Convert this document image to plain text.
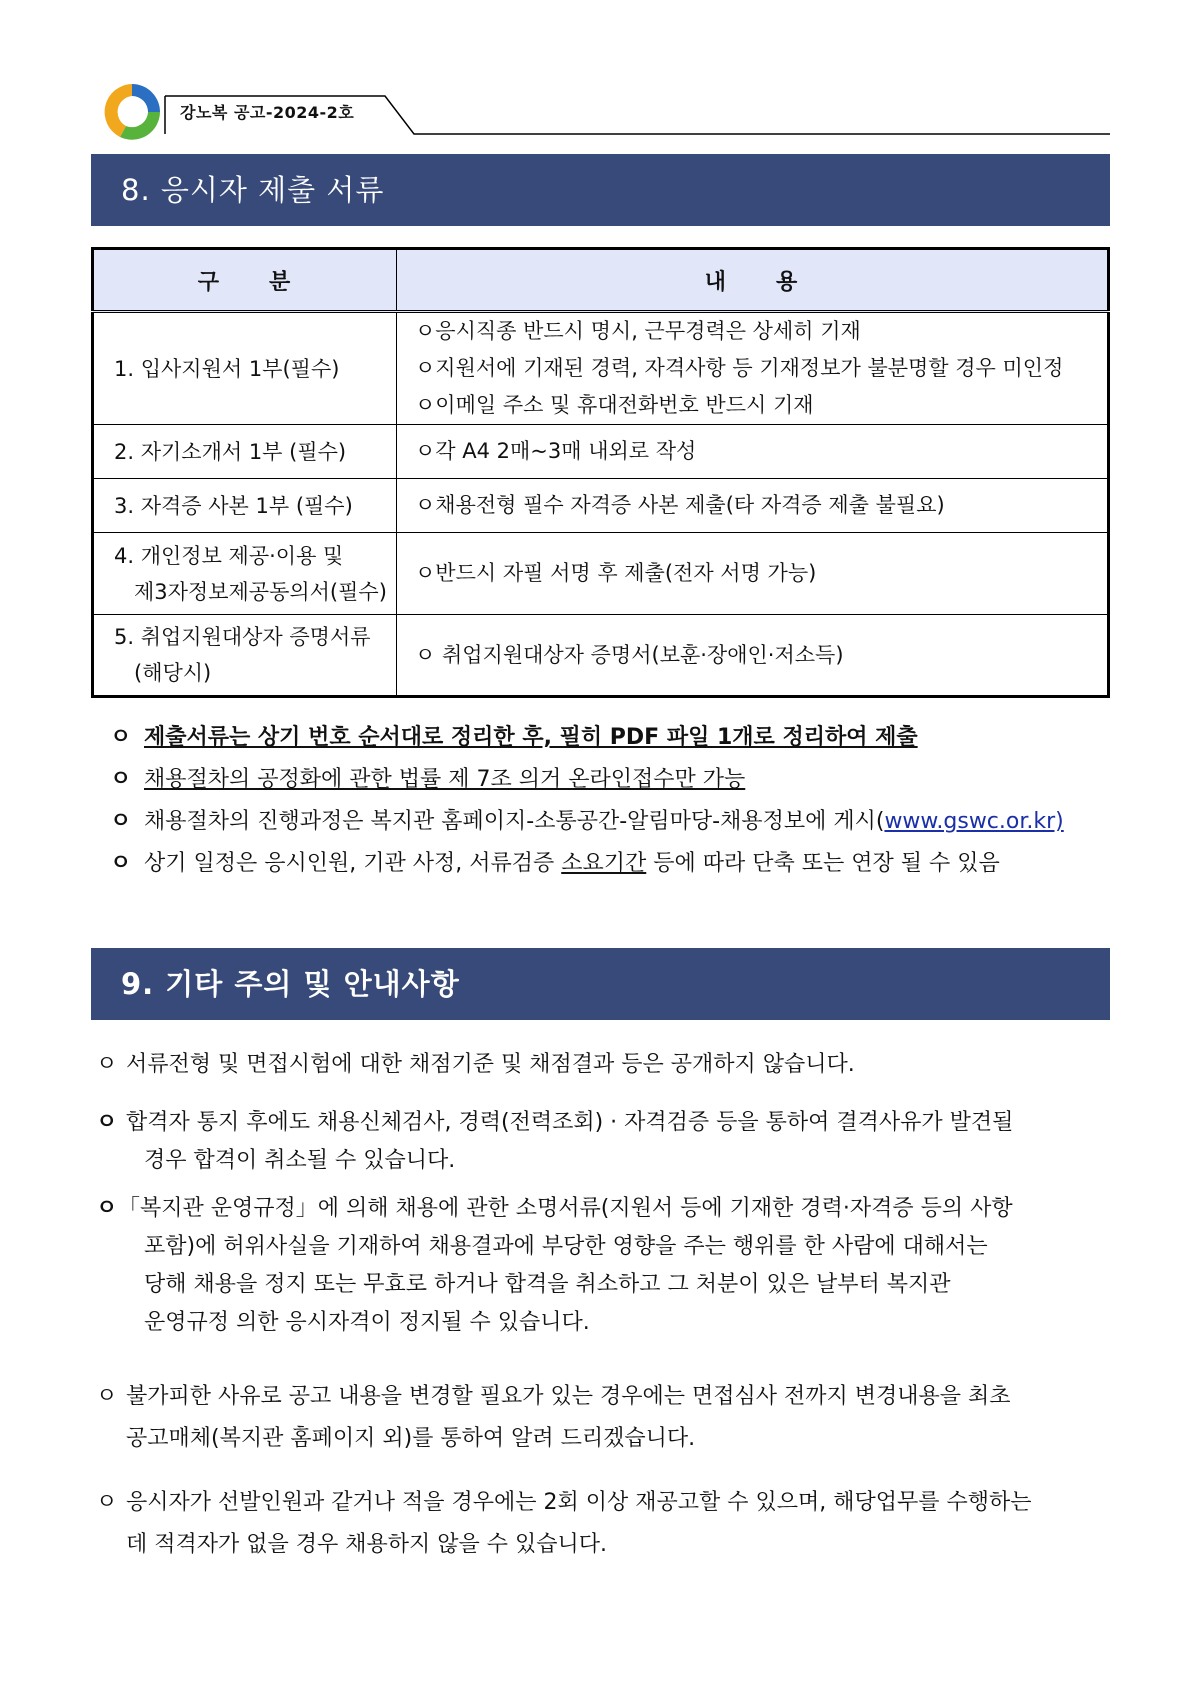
강노복 공고-2024-2호
8. 응시자 제출 서류
구　　분	내　　용
1. 입사지원서 1부(필수)	ㅇ응시직종 반드시 명시, 근무경력은 상세히 기재
ㅇ지원서에 기재된 경력, 자격사항 등 기재정보가 불분명할 경우 미인정
ㅇ이메일 주소 및 휴대전화번호 반드시 기재

2. 자기소개서 1부 (필수)	ㅇ각 A4 2매~3매 내외로 작성
3. 자격증 사본 1부 (필수)	ㅇ채용전형 필수 자격증 사본 제출(타 자격증 제출 불필요)

4. 개인정보 제공·이용 및
제3자정보제공동의서(필수)	ㅇ반드시 자필 서명 후 제출(전자 서명 가능)

5. 취업지원대상자 증명서류
(해당시)	ㅇ 취업지원대상자 증명서(보훈·장애인·저소득)
ㅇ 제출서류는 상기 번호 순서대로 정리한 후, 필히 PDF 파일 1개로 정리하여 제출
ㅇ 채용절차의 공정화에 관한 법률 제 7조 의거 온라인접수만 가능
ㅇ 채용절차의 진행과정은 복지관 홈페이지-소통공간-알림마당-채용정보에 게시(www.gswc.or.kr)
ㅇ 상기 일정은 응시인원, 기관 사정, 서류검증 소요기간 등에 따라 단축 또는 연장 될 수 있음
9. 기타 주의 및 안내사항
ㅇ 서류전형 및 면접시험에 대한 채점기준 및 채점결과 등은 공개하지 않습니다.
ㅇ 합격자 통지 후에도 채용신체검사, 경력(전력조회) · 자격검증 등을 통하여 결격사유가 발견될
경우 합격이 취소될 수 있습니다.
ㅇ「복지관 운영규정」에 의해 채용에 관한 소명서류(지원서 등에 기재한 경력·자격증 등의 사항
포함)에 허위사실을 기재하여 채용결과에 부당한 영향을 주는 행위를 한 사람에 대해서는
당해 채용을 정지 또는 무효로 하거나 합격을 취소하고 그 처분이 있은 날부터 복지관
운영규정 의한 응시자격이 정지될 수 있습니다.
ㅇ 불가피한 사유로 공고 내용을 변경할 필요가 있는 경우에는 면접심사 전까지 변경내용을 최초
공고매체(복지관 홈페이지 외)를 통하여 알려 드리겠습니다.
ㅇ 응시자가 선발인원과 같거나 적을 경우에는 2회 이상 재공고할 수 있으며, 해당업무를 수행하는
데 적격자가 없을 경우 채용하지 않을 수 있습니다.
